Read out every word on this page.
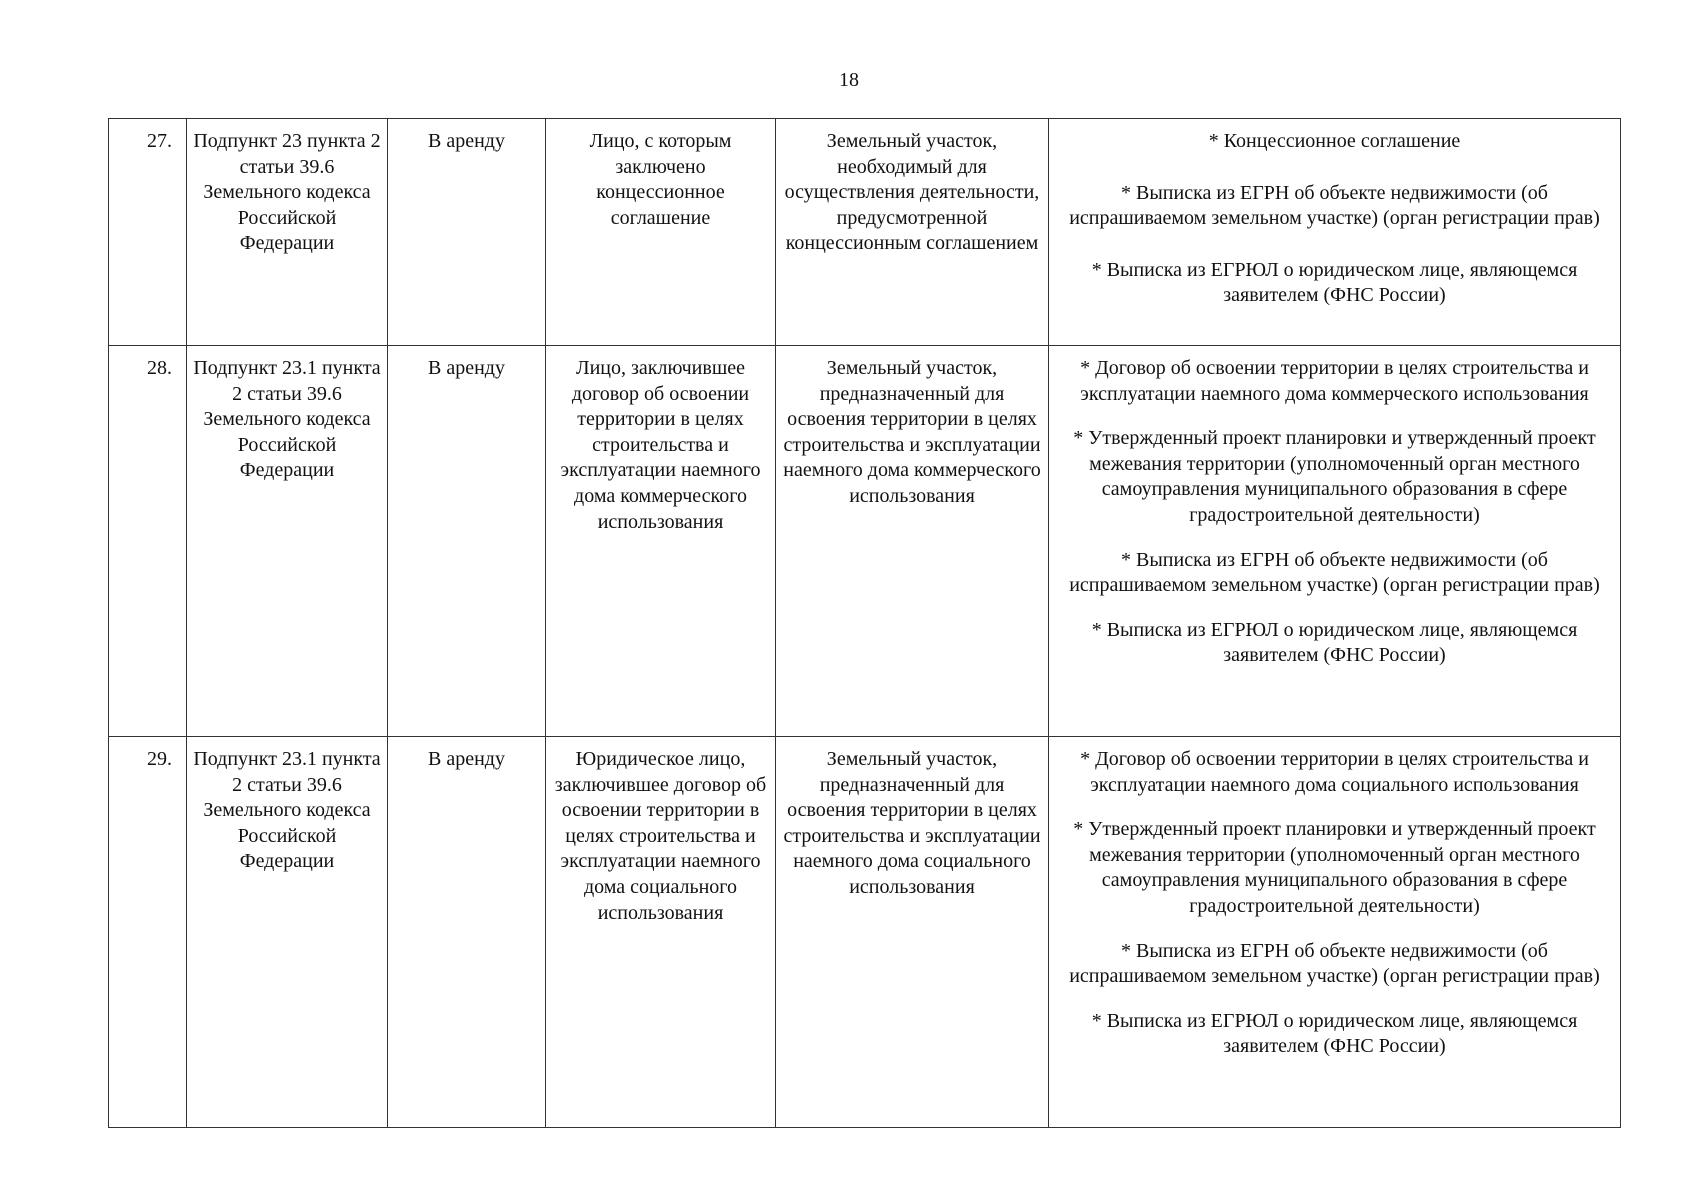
18
27.	Подпункт 23 пункта 2 статьи 39.6 Земельного кодекса Российской Федерации	В аренду	Лицо, с которым заключено концессионное соглашение	Земельный участок, необходимый для осуществления деятельности, предусмотренной концессионным соглашением	* Концессионное соглашение
* Выписка из ЕГРН об объекте недвижимости (об испрашиваемом земельном участке) (орган регистрации прав)
* Выписка из ЕГРЮЛ о юридическом лице, являющемся заявителем (ФНС России)

28.	Подпункт 23.1 пункта 2 статьи 39.6 Земельного кодекса Российской Федерации	В аренду	Лицо, заключившее договор об освоении территории в целях строительства и эксплуатации наемного дома коммерческого использования	Земельный участок, предназначенный для освоения территории в целях строительства и эксплуатации наемного дома коммерческого использования	* Договор об освоении территории в целях строительства и эксплуатации наемного дома коммерческого использования
* Утвержденный проект планировки и утвержденный проект межевания территории (уполномоченный орган местного самоуправления муниципального образования в сфере градостроительной деятельности)
* Выписка из ЕГРН об объекте недвижимости (об испрашиваемом земельном участке) (орган регистрации прав)
* Выписка из ЕГРЮЛ о юридическом лице, являющемся заявителем (ФНС России)

29.	Подпункт 23.1 пункта 2 статьи 39.6 Земельного кодекса Российской Федерации	В аренду	Юридическое лицо, заключившее договор об освоении территории в целях строительства и эксплуатации наемного дома социального использования	Земельный участок, предназначенный для освоения территории в целях строительства и эксплуатации наемного дома социального использования	* Договор об освоении территории в целях строительства и эксплуатации наемного дома социального использования
* Утвержденный проект планировки и утвержденный проект межевания территории (уполномоченный орган местного самоуправления муниципального образования в сфере градостроительной деятельности)
* Выписка из ЕГРН об объекте недвижимости (об испрашиваемом земельном участке) (орган регистрации прав)
* Выписка из ЕГРЮЛ о юридическом лице, являющемся заявителем (ФНС России)
